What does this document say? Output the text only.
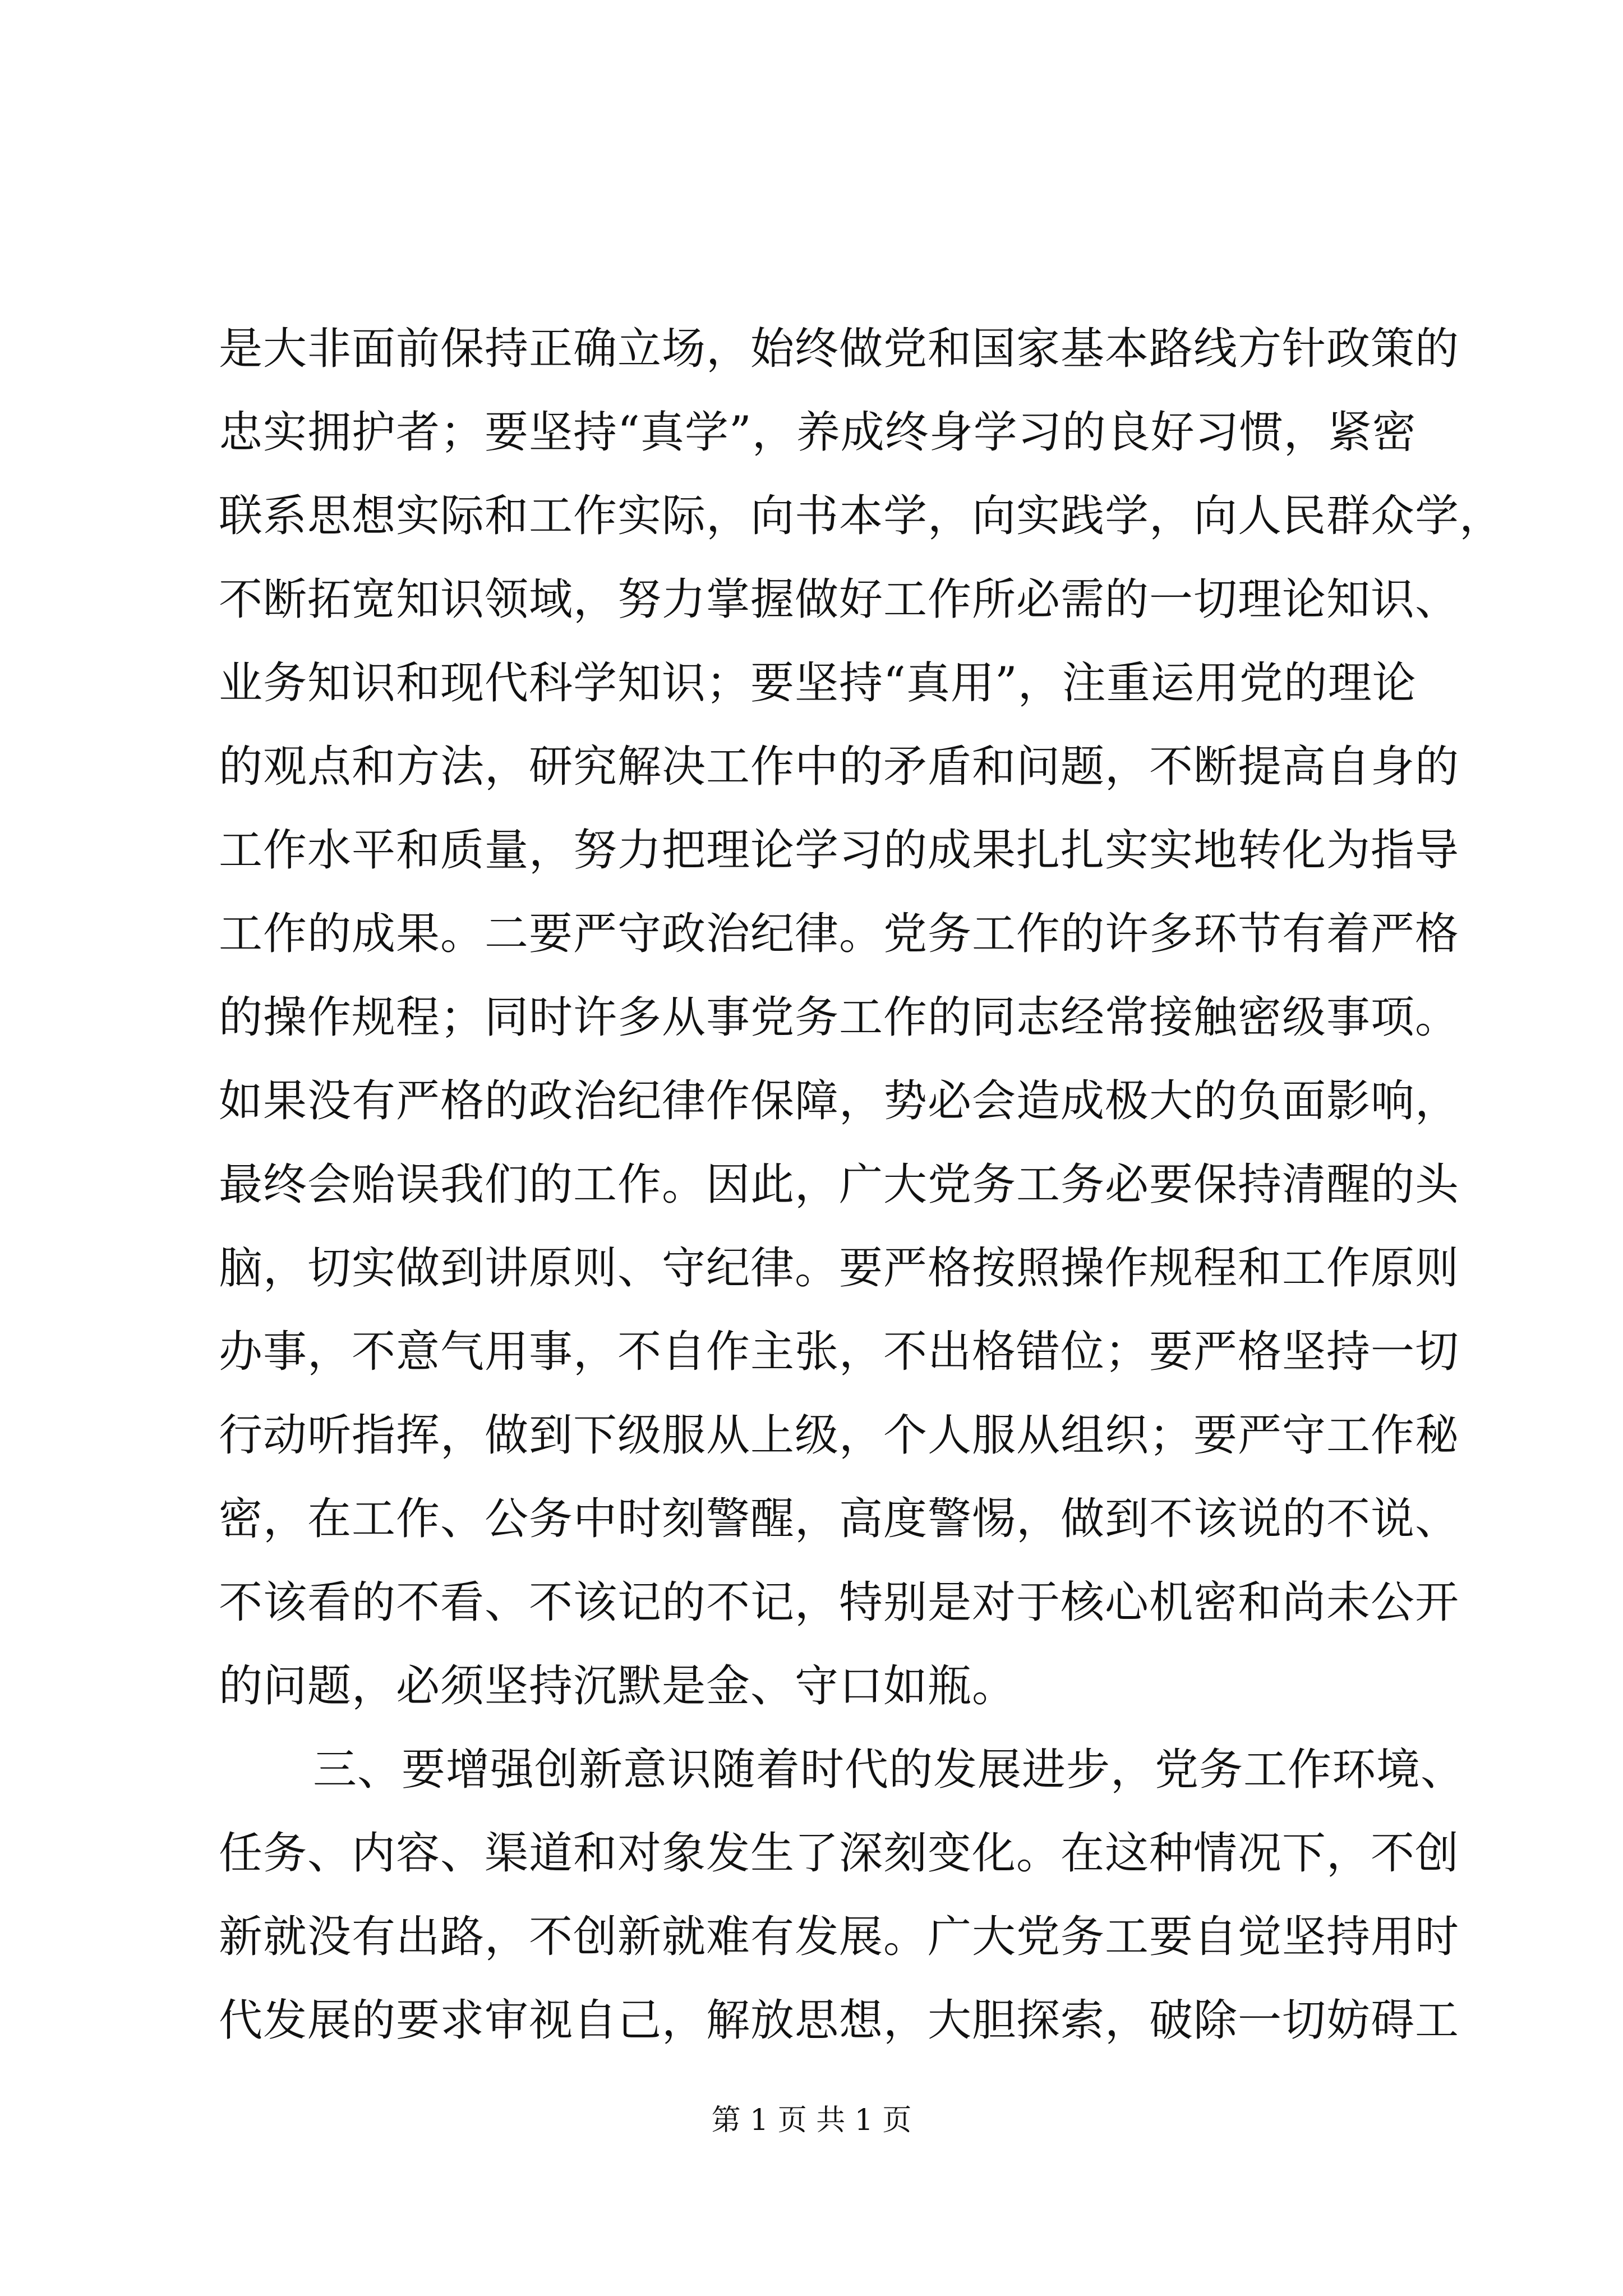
是大非面前保持正确立场，始终做党和国家基本路线方针政策的
忠实拥护者；要坚持“真学”，养成终身学习的良好习惯，紧密
联系思想实际和工作实际，向书本学，向实践学，向人民群众学，
不断拓宽知识领域，努力掌握做好工作所必需的一切理论知识、
业务知识和现代科学知识；要坚持“真用”，注重运用党的理论
的观点和方法，研究解决工作中的矛盾和问题，不断提高自身的
工作水平和质量，努力把理论学习的成果扎扎实实地转化为指导
工作的成果。二要严守政治纪律。党务工作的许多环节有着严格
的操作规程；同时许多从事党务工作的同志经常接触密级事项。
如果没有严格的政治纪律作保障，势必会造成极大的负面影响，
最终会贻误我们的工作。因此，广大党务工务必要保持清醒的头
脑，切实做到讲原则、守纪律。要严格按照操作规程和工作原则
办事，不意气用事，不自作主张，不出格错位；要严格坚持一切
行动听指挥，做到下级服从上级，个人服从组织；要严守工作秘
密，在工作、公务中时刻警醒，高度警惕，做到不该说的不说、
不该看的不看、不该记的不记，特别是对于核心机密和尚未公开
的问题，必须坚持沉默是金、守口如瓶。
三、要增强创新意识随着时代的发展进步，党务工作环境、
任务、内容、渠道和对象发生了深刻变化。在这种情况下，不创
新就没有出路，不创新就难有发展。广大党务工要自觉坚持用时
代发展的要求审视自己，解放思想，大胆探索，破除一切妨碍工
第 1 页 共 1 页
